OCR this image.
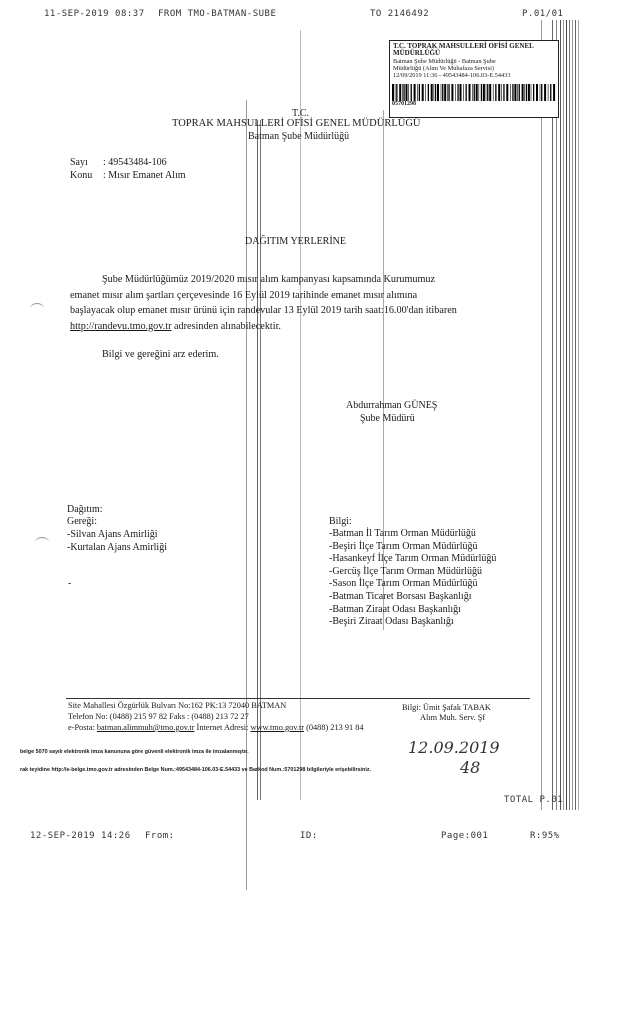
11-SEP-2019 08:37 FROM TMO-BATMAN-SUBE	TO 2146492	P.01/01
T.C. TOPRAK MAHSULLERİ OFİSİ GENEL
MÜDÜRLÜĞÜ
Batman Şube Müdürlüğü - Batman Şube
Müdürlüğü (Alım Ve Muhafaza Servisi)
12/09/2019 11:36 - 49543484-106.03-E.54433
05701298
T.C.
TOPRAK MAHSULLERİ OFİSİ GENEL MÜDÜRLÜĞÜ
Batman Şube Müdürlüğü
Sayı : 49543484-106
Konu : Mısır Emanet Alım
DAĞITIM YERLERİNE
Şube Müdürlüğümüz 2019/2020 mısır alım kampanyası kapsamında Kurumumuz
emanet mısır alım şartları çerçevesinde 16 Eylül 2019 tarihinde emanet mısır alımına
başlayacak olup emanet mısır ürünü için randevular 13 Eylül 2019 tarih saat:16.00'dan itibaren
http://randevu.tmo.gov.tr adresinden alınabilecektir.
Bilgi ve gereğini arz ederim.
Abdurrahman GÜNEŞ
Şube Müdürü
Dağıtım:
Gereği:
-Silvan Ajans Amirliği
-Kurtalan Ajans Amirliği
-
Bilgi:
-Batman İl Tarım Orman Müdürlüğü
-Beşiri İlçe Tarım Orman Müdürlüğü
-Hasankeyf İlçe Tarım Orman Müdürlüğü
-Gercüş İlçe Tarım Orman Müdürlüğü
-Sason İlçe Tarım Orman Müdürlüğü
-Batman Ticaret Borsası Başkanlığı
-Batman Ziraat Odası Başkanlığı
-Beşiri Ziraat Odası Başkanlığı
Site Mahallesi Özgürlük Bulvarı No:162 PK:13 72040 BATMAN
Telefon No: (0488) 215 97 82 Faks : (0488) 213 72 27
e-Posta: batman.alimmuh@tmo.gov.tr İnternet Adresi: www.tmo.gov.tr (0488) 213 91 84
Bilgi: Ümit Şafak TABAK
Alım Muh. Serv. Şf
belge 5070 sayılı elektronik imza kanununa göre güvenli elektronik imza ile imzalanmıştır.
rak teyidine http://e-belge.tmo.gov.tr adresinden Belge Num.:49543484-106.03-E.54433 ve Barkod Num.:5701298 bilgileriyle erişebilirsiniz.
12.09.2019
48
TOTAL P.01
12-SEP-2019 14:26 From:	ID:	Page:001	R:95%
